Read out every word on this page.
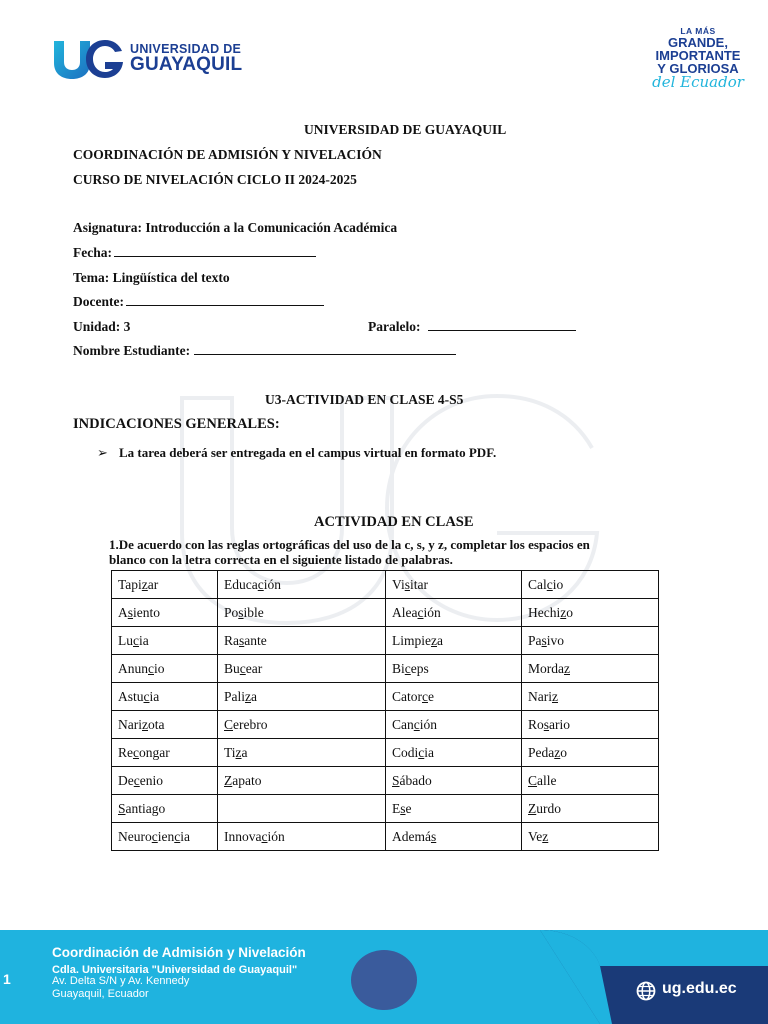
UNIVERSIDAD DE
GUAYAQUIL
LA MÁS
GRANDE,
IMPORTANTE
Y GLORIOSA
del Ecuador
UNIVERSIDAD DE GUAYAQUIL
COORDINACIÓN DE ADMISIÓN Y NIVELACIÓN
CURSO DE NIVELACIÓN CICLO II 2024-2025
Asignatura: Introducción a la Comunicación Académica
Fecha:
Tema: Lingüística del texto
Docente:
Unidad: 3	Paralelo:
Nombre Estudiante:
U3-ACTIVIDAD EN CLASE 4-S5
INDICACIONES GENERALES:
➢ La tarea deberá ser entregada en el campus virtual en formato PDF.
ACTIVIDAD EN CLASE
1.De acuerdo con las reglas ortográficas del uso de la c, s, y z, completar los espacios en
blanco con la letra correcta en el siguiente listado de palabras.
Tapizar	Educación	Visitar	Calcio
Asiento	Posible	Aleación	Hechizo
Lucia	Rasante	Limpieza	Pasivo
Anuncio	Bucear	Biceps	Mordaz
Astucia	Paliza	Catorce	Nariz
Narizota	Cerebro	Canción	Rosario
Recongar	Tiza	Codicia	Pedazo
Decenio	Zapato	Sábado	Calle
Santiago		Ese	Zurdo
Neurociencia	Innovación	Además	Vez
1
Coordinación de Admisión y Nivelación
Cdla. Universitaria "Universidad de Guayaquil"
Av. Delta S/N y Av. Kennedy
Guayaquil, Ecuador	ug.edu.ec
